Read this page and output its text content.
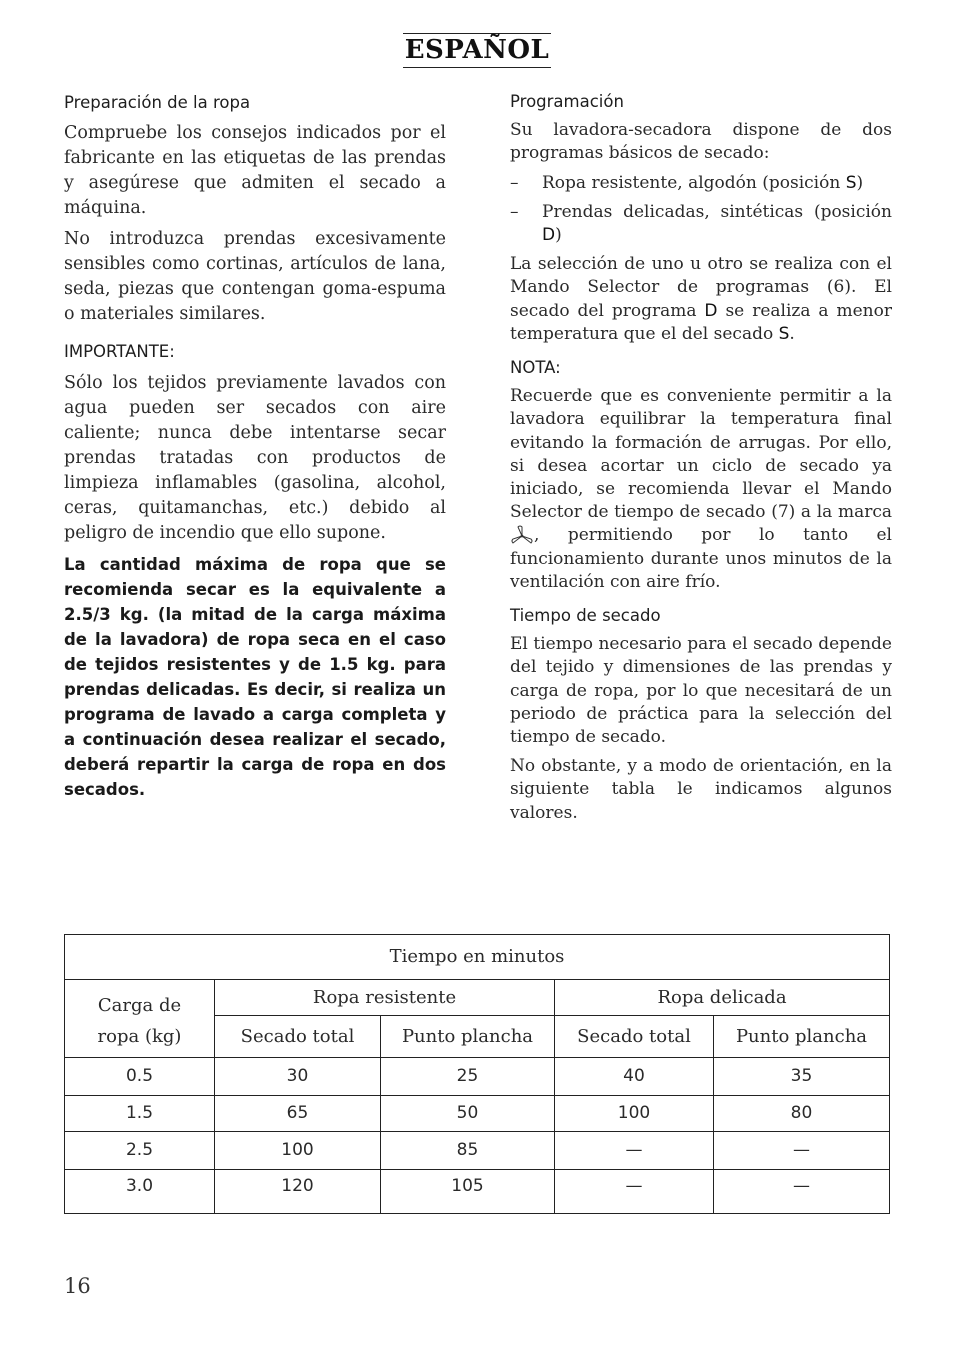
ESPAÑOL
Preparación de la ropa

Compruebe los consejos indicados por el fabricante en las etiquetas de las prendas y asegúrese que admiten el secado a máquina.

No introduzca prendas excesivamente sensibles como cortinas, artículos de lana, seda, piezas que contengan goma-espuma o materiales similares.

IMPORTANTE:

Sólo los tejidos previamente lavados con agua pueden ser secados con aire caliente; nunca debe intentarse secar prendas tratadas con productos de limpieza inflamables (gasolina, alcohol, ceras, quitamanchas, etc.) debido al peligro de incendio que ello supone.

La cantidad máxima de ropa que se recomienda secar es la equivalente a 2.5/3 kg. (la mitad de la carga máxima de la lavadora) de ropa seca en el caso de tejidos resistentes y de 1.5 kg. para prendas delicadas. Es decir, si realiza un programa de lavado a carga completa y a continuación desea realizar el secado, deberá repartir la carga de ropa en dos secados.

Programación

Su lavadora-secadora dispone de dos programas básicos de secado:

– Ropa resistente, algodón (posición S)
– Prendas delicadas, sintéticas (posición D)

La selección de uno u otro se realiza con el Mando Selector de programas (6). El secado del programa D se realiza a menor temperatura que el del secado S.

NOTA:

Recuerde que es conveniente permitir a la lavadora equilibrar la temperatura final evitando la formación de arrugas. Por ello, si desea acortar un ciclo de secado ya iniciado, se recomienda llevar el Mando Selector de tiempo de secado (7) a la marca , permitiendo por lo tanto el funcionamiento durante unos minutos de la ventilación con aire frío.

Tiempo de secado

El tiempo necesario para el secado depende del tejido y dimensiones de las prendas y carga de ropa, por lo que necesitará de un periodo de práctica para la selección del tiempo de secado.

No obstante, y a modo de orientación, en la siguiente tabla le indicamos algunos valores.

Tiempo en minutos				

Carga de
ropa (kg)	Ropa resistente		Ropa delicada	
	Secado total	Punto plancha	Secado total	Punto plancha
0.5	30	25	40	35
1.5	65	50	100	80
2.5	100	85	—	—
3.0	120	105	—	—
16
